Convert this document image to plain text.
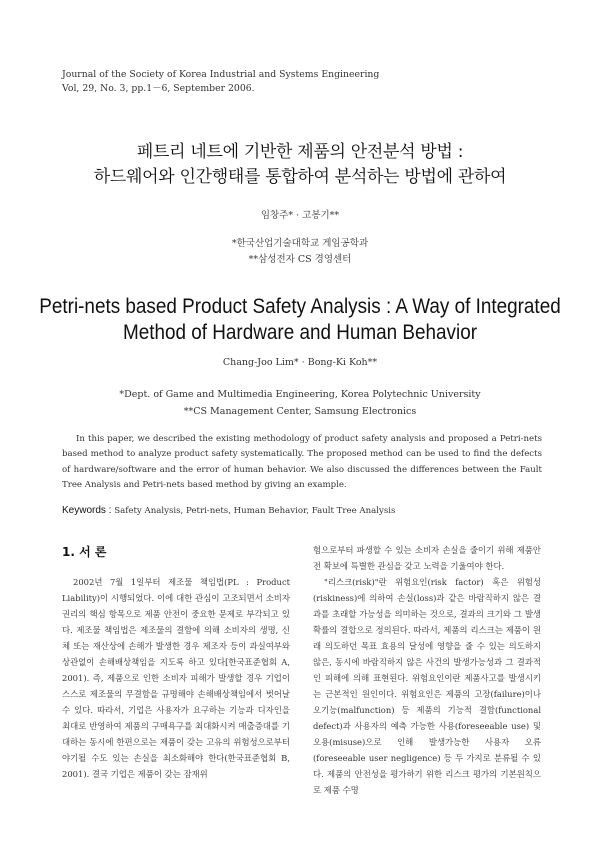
Journal of the Society of Korea Industrial and Systems Engineering
Vol, 29, No. 3, pp.1－6, September 2006.
페트리 네트에 기반한 제품의 안전분석 방법 :
하드웨어와 인간행태를 통합하여 분석하는 방법에 관하여
임창주* · 고봉기**
*한국산업기술대학교 게임공학과
**삼성전자 CS 경영센터
Petri-nets based Product Safety Analysis : A Way of Integrated
Method of Hardware and Human Behavior
Chang-Joo Lim* · Bong-Ki Koh**
*Dept. of Game and Multimedia Engineering, Korea Polytechnic University
**CS Management Center, Samsung Electronics
In this paper, we described the existing methodology of product safety analysis and proposed a Petri-nets based method to analyze product safety systematically. The proposed method can be used to find the defects of hardware/software and the error of human behavior. We also discussed the differences between the Fault Tree Analysis and Petri-nets based method by giving an example.
Keywords : Safety Analysis, Petri-nets, Human Behavior, Fault Tree Analysis
1. 서 론

2002년 7월 1일부터 제조물 책임법(PL : Product Liability)이 시행되었다. 이에 대한 관심이 고조되면서 소비자 권리의 핵심 항목으로 제품 안전이 중요한 문제로 부각되고 있다. 제조물 책임법은 제조물의 결함에 의해 소비자의 생명, 신체 또는 재산상에 손해가 발생한 경우 제조자 등이 과실여부와 상관없이 손해배상책임을 지도록 하고 있다[한국표준협회 A, 2001). 즉, 제품으로 인한 소비자 피해가 발생할 경우 기업이 스스로 제조물의 무결함을 규명해야 손해배상책임에서 벗어날 수 있다. 따라서, 기업은 사용자가 요구하는 기능과 디자인을 최대로 반영하여 제품의 구매욕구를 최대화시켜 매출증대를 기대하는 동시에 한편으로는 제품이 갖는 고유의 위험성으로부터 야기될 수도 있는 손실을 최소화해야 한다(한국표준협회 B, 2001). 결국 기업은 제품이 갖는 잠재위

험으로부터 파생할 수 있는 소비자 손실을 줄이기 위해 제품안전 확보에 특별한 관심을 갖고 노력을 기울여야 한다.

"리스크(risk)"란 위험요인(risk factor) 혹은 위험성(riskiness)에 의하여 손실(loss)과 같은 바람직하지 않은 결과를 초래할 가능성을 의미하는 것으로, 결과의 크기와 그 발생확률의 결합으로 정의된다. 따라서, 제품의 리스크는 제품이 원래 의도하던 목표 효용의 달성에 영향을 줄 수 있는 의도하지 않은, 동시에 바람직하지 않은 사건의 발생가능성과 그 결과적인 피해에 의해 표현된다. 위험요인이란 제품사고를 발생시키는 근본적인 원인이다. 위험요인은 제품의 고장(failure)이나 오기능(malfunction) 등 제품의 기능적 결함(functional defect)과 사용자의 예측 가능한 사용(foreseeable use) 및 오용(misuse)으로 인해 발생가능한 사용자 오류(foreseeable user negligence) 등 두 가지로 분류될 수 있다. 제품의 안전성을 평가하기 위한 리스크 평가의 기본원칙으로 제품 수명
